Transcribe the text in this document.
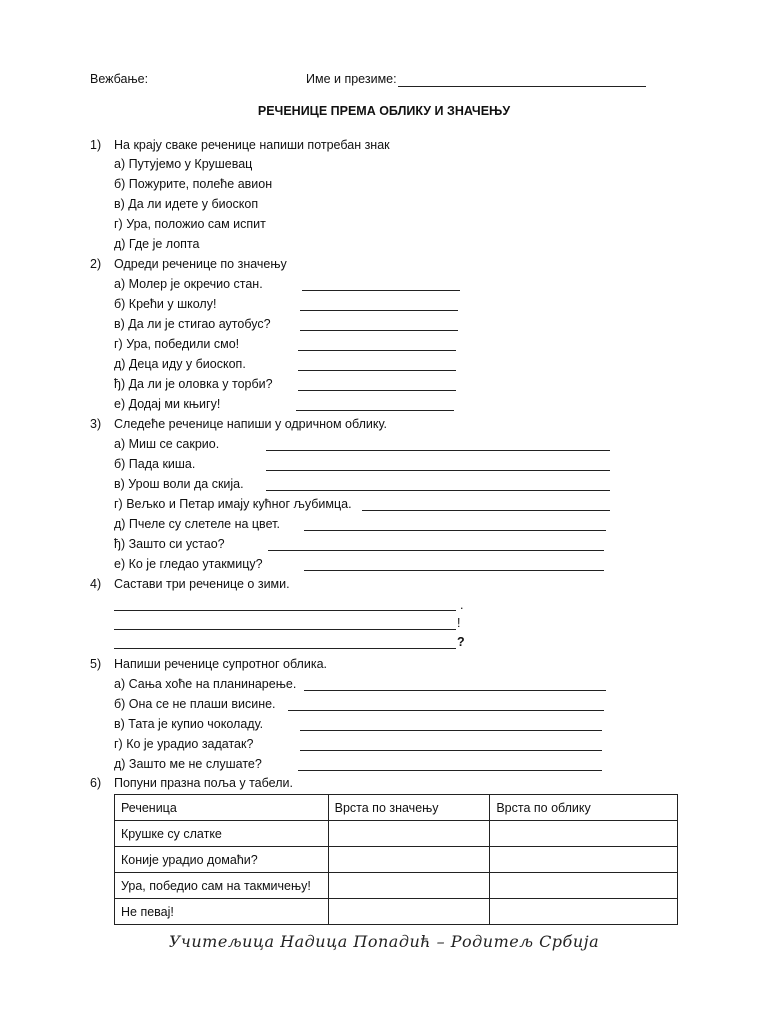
Вежбање:	Име и презиме:
РЕЧЕНИЦЕ ПРЕМА ОБЛИКУ И ЗНАЧЕЊУ
1) На крају сваке реченице напиши потребан знак
а) Путујемо у Крушевац
б) Пожурите, полеће авион
в) Да ли идете у биоскоп
г) Ура, положио сам испит
д) Где је лопта
2) Одреди реченице по значењу
а) Молер је окречио стан.
б) Крећи у школу!
в) Да ли је стигао аутобус?
г) Ура, победили смо!
д) Деца иду у биоскоп.
ђ) Да ли је оловка у торби?
е) Додај ми књигу!
3) Следеће реченице напиши у одричном облику.
а) Миш се сакрио.
б) Пада киша.
в) Урош воли да скија.
г) Вељко и Петар имају кућног љубимца.
д) Пчеле су слетеле на цвет.
ђ) Зашто си устао?
е) Ко је гледао утакмицу?
4) Састави три реченице о зими.
.
!
?
5) Напиши реченице супротног облика.
а) Сања хоће на планинарење.
б) Она се не плаши висине.
в) Тата је купио чоколаду.
г) Ко је урадио задатак?
д) Зашто ме не слушате?
6) Попуни празна поља у табели.
Реченица	Врста по значењу	Врста по облику
Крушке су слатке		
Конијe урадио домаћи?		
Ура, победио сам на такмичењу!		
Не певај!		
Учитељица Надица Попадић – Родитељ Србија
